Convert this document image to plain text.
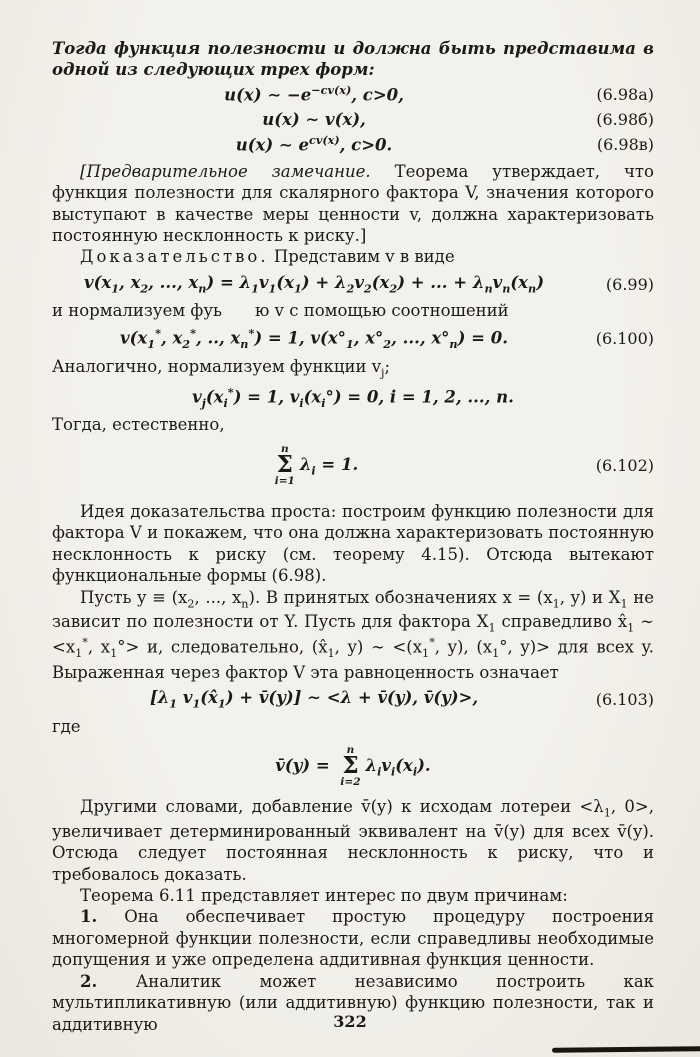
Тогда функция полезности u должна быть представима в одной из следующих трех форм:

u(x) ∼ $-e^{-cv(x)}$, c>0,	(6.98а)
u(x) ∼ v(x),	(6.98б)
u(x) ∼ $e^{cv(x)}$, c>0.	(6.98в)

[Предварительное замечание. Теорема утверждает, что функция полезности для скалярного фактора V, значения которого выступают в качестве меры ценности v, должна характеризовать постоянную несклонность к риску.]

Доказательство. Представим v в виде

$v(x_1$, $x_2$, ..., $x_n) = \lambda_1v_1(x_1) + \lambda_2v_2(x_2)$ + ... + $\lambda_nv_n(x_n)$	(6.99)

и нормализуем фуь  ю v с помощью соотношений

$v(x_1^*$, $x_2^*$, .., $x_n^*) = 1$, $v(x^\circ_1$, $x^\circ_2$, ..., $x^\circ_n) = 0$.	(6.100)

Аналогично, нормализуем функции $v_j$;

$v_j(x_i^*) = 1$, $v_i(x_i^\circ) = 0$, i = 1, 2, ..., n.

Тогда, естественно,

n
Σ
i=1
$\lambda_i = 1$.	(6.102)

Идея доказательства проста: построим функцию полезности для фактора V и покажем, что она должна характеризовать постоянную несклонность к риску (см. теорему 4.15). Отсюда вытекают функциональные формы (6.98).

Пусть $y \equiv (x_2$, ..., $x_n$). В принятых обозначениях $x = (x_1$, y) и $X_1$ не зависит по полезности от Y. Пусть для фактора $X_1$ справедливо $x̂_1$ ∼ $<x_1^*$, $x_1^\circ> и$, следовательно, ($x̂_1$, y) ∼ $<(x_1^*$, y), ($x_1^\circ$, y)> для всех y. Выраженная через фактор V эта равноценность означает

[$\lambda_1$ $v_1(x̂_1)$ + v̄(y)] ∼ <λ + v̄(y), v̄(y)>,	(6.103)

где

v̄(y) =
n
Σ
i=2
$\lambda_iv_i(x_i)$.

Другими словами, добавление v̄(y) к исходам лотереи $<\lambda_1$, 0>, увеличивает детерминированный эквивалент на v̄(y) для всех v̄(y). Отсюда следует постоянная несклонность к риску, что и требовалось доказать.

Теорема 6.11 представляет интерес по двум причинам:

1. Она обеспечивает простую процедуру построения многомерной функции полезности, если справедливы необходимые допущения и уже определена аддитивная функция ценности.

2. Аналитик может независимо построить как мультипликативную (или аддитивную) функцию полезности, так и аддитивную	322
